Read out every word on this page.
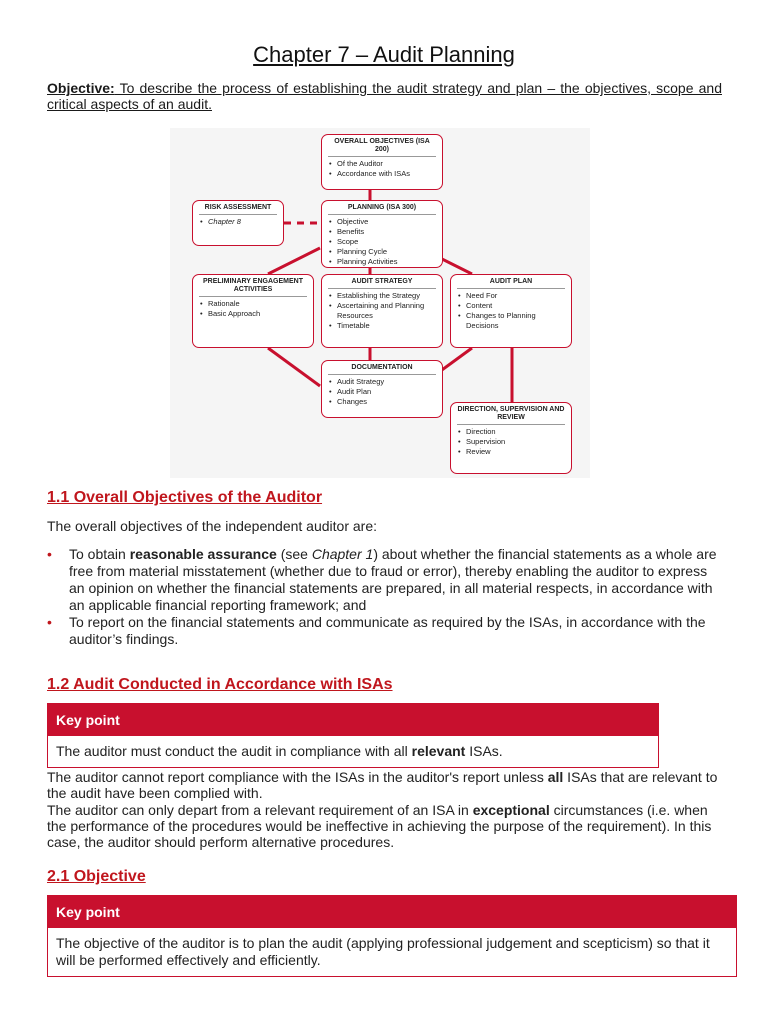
Chapter 7 – Audit Planning
Objective: To describe the process of establishing the audit strategy and plan – the objectives, scope and critical aspects of an audit.
OVERALL OBJECTIVES (ISA 200)
• Of the Auditor
• Accordance with ISAs
RISK ASSESSMENT
• Chapter 8
PLANNING (ISA 300)
• Objective
• Benefits
• Scope
• Planning Cycle
• Planning Activities
PRELIMINARY ENGAGEMENT ACTIVITIES
• Rationale
• Basic Approach
AUDIT STRATEGY
• Establishing the Strategy
• Ascertaining and Planning Resources
• Timetable
AUDIT PLAN
• Need For
• Content
• Changes to Planning Decisions
DOCUMENTATION
• Audit Strategy
• Audit Plan
• Changes
DIRECTION, SUPERVISION AND REVIEW
• Direction
• Supervision
• Review
1.1 Overall Objectives of the Auditor
The overall objectives of the independent auditor are:
• To obtain reasonable assurance (see Chapter 1) about whether the financial statements as a whole are free from material misstatement (whether due to fraud or error), thereby enabling the auditor to express an opinion on whether the financial statements are prepared, in all material respects, in accordance with an applicable financial reporting framework; and
• To report on the financial statements and communicate as required by the ISAs, in accordance with the auditor’s findings.
1.2 Audit Conducted in Accordance with ISAs
Key point
The auditor must conduct the audit in compliance with all relevant ISAs.
The auditor cannot report compliance with the ISAs in the auditor's report unless all ISAs that are relevant to the audit have been complied with.
The auditor can only depart from a relevant requirement of an ISA in exceptional circumstances (i.e. when the performance of the procedures would be ineffective in achieving the purpose of the requirement). In this case, the auditor should perform alternative procedures.
2.1 Objective
Key point
The objective of the auditor is to plan the audit (applying professional judgement and scepticism) so that it will be performed effectively and efficiently.
